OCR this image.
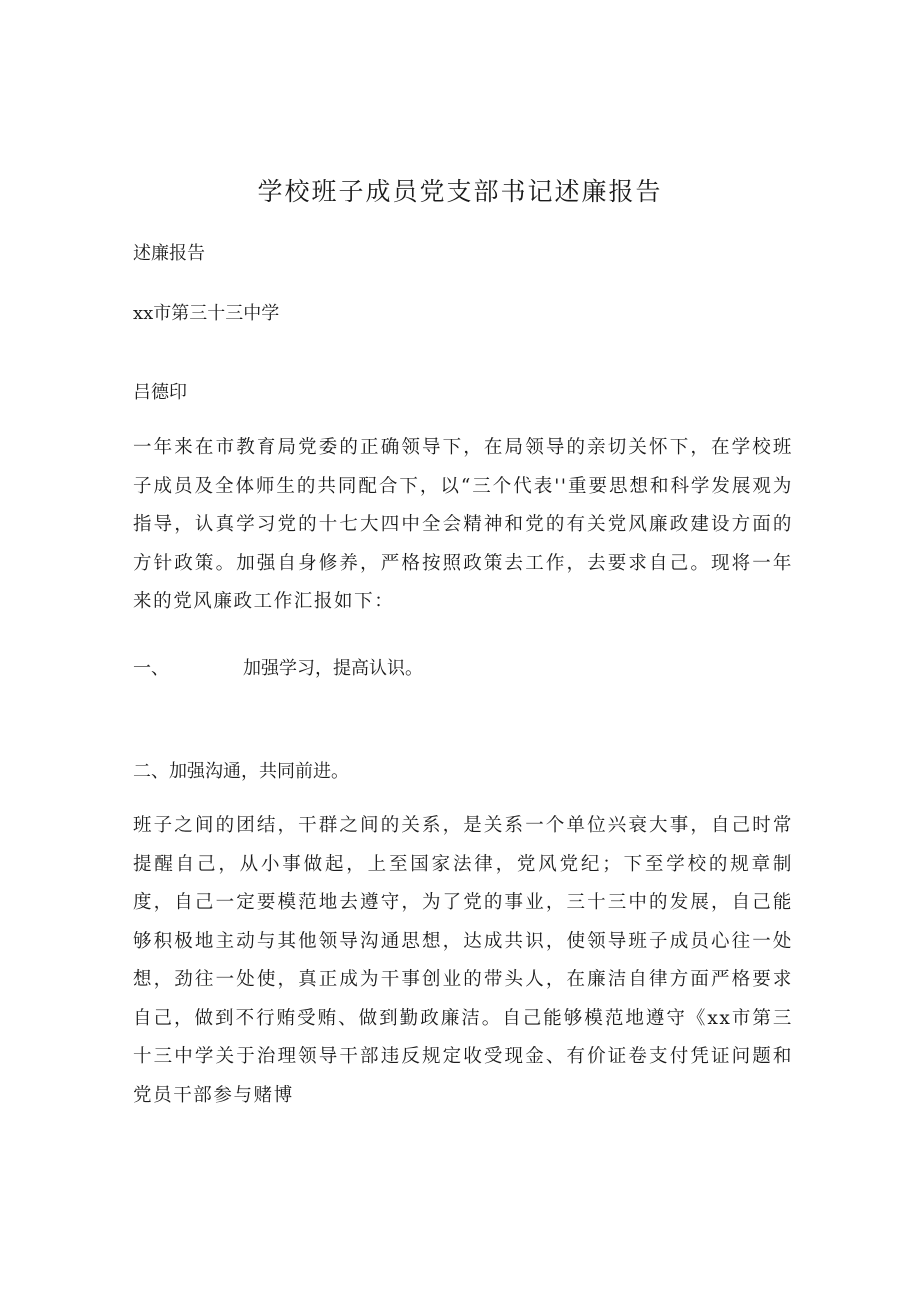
学校班子成员党支部书记述廉报告

述廉报告

xx市第三十三中学

吕德印

一年来在市教育局党委的正确领导下，在局领导的亲切关怀下，在学校班子成员及全体师生的共同配合下，以“三个代表''重要思想和科学发展观为指导，认真学习党的十七大四中全会精神和党的有关党风廉政建设方面的方针政策。加强自身修养，严格按照政策去工作，去要求自己。现将一年来的党风廉政工作汇报如下：

一、	加强学习，提高认识。

二、加强沟通，共同前进。

班子之间的团结，干群之间的关系，是关系一个单位兴衰大事，自己时常提醒自己，从小事做起，上至国家法律，党风党纪；下至学校的规章制度，自己一定要模范地去遵守，为了党的事业，三十三中的发展，自己能够积极地主动与其他领导沟通思想，达成共识，使领导班子成员心往一处想，劲往一处使，真正成为干事创业的带头人，在廉洁自律方面严格要求自己，做到不行贿受贿、做到勤政廉洁。自己能够模范地遵守《xx市第三十三中学关于治理领导干部违反规定收受现金、有价证卷支付凭证问题和党员干部参与赌博
